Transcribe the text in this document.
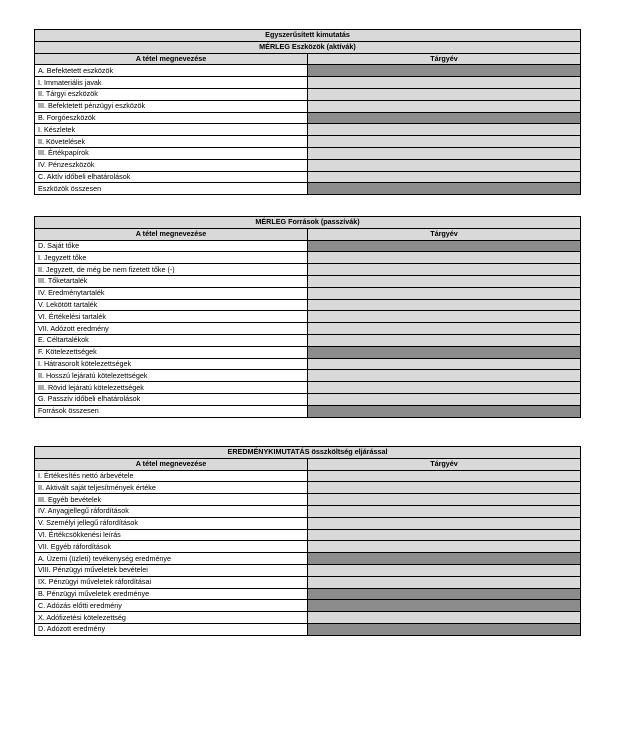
Egyszerűsített kimutatás	
MÉRLEG Eszközök (aktívák)	
A tétel megnevezése	Tárgyév
A. Befektetett eszközök	
I. Immateriális javak	
II. Tárgyi eszközök	
III. Befektetett pénzügyi eszközök	
B. Forgóeszközök	
I. Készletek	
II. Követelések	
III. Értékpapírok	
IV. Pénzeszközök	
C. Aktív időbeli elhatárolások	
Eszközök összesen	
MÉRLEG Források (passzívák)	
A tétel megnevezése	Tárgyév
D. Saját tőke	
I. Jegyzett tőke	
II. Jegyzett, de még be nem fizetett tőke (-)	
III. Tőketartalék	
IV. Eredménytartalék	
V. Lekötött tartalék	
VI. Értékelési tartalék	
VII. Adózott eredmény	
E. Céltartalékok	
F. Kötelezettségek	
I. Hátrasorolt kötelezettségek	
II. Hosszú lejáratú kötelezettségek	
III. Rövid lejáratú kötelezettségek	
G. Passzív időbeli elhatárolások	
Források összesen	
EREDMÉNYKIMUTATÁS összköltség eljárással	
A tétel megnevezése	Tárgyév
I. Értékesítés nettó árbevétele	
II. Aktivált saját teljesítmények értéke	
III. Egyéb bevételek	
IV. Anyagjellegű ráfordítások	
V. Személyi jellegű ráfordítások	
VI. Értékcsökkenési leírás	
VII. Egyéb ráfordítások	
A. Üzemi (üzleti) tevékenység eredménye	
VIII. Pénzügyi műveletek bevételei	
IX. Pénzügyi műveletek ráfordításai	
B. Pénzügyi műveletek eredménye	
C. Adózás előtti eredmény	
X. Adófizetési kötelezettség	
D. Adózott eredmény	
